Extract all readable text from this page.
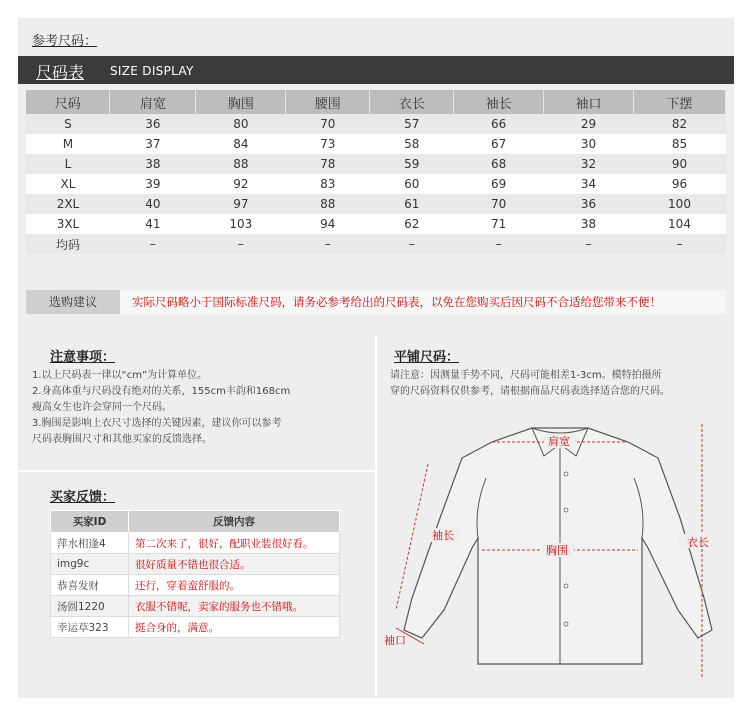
参考尺码：
尺码表 SIZE DISPLAY
尺码	肩宽	胸围	腰围	衣长	袖长	袖口	下摆
S	36	80	70	57	66	29	82
M	37	84	73	58	67	30	85
L	38	88	78	59	68	32	90
XL	39	92	83	60	69	34	96
2XL	40	97	88	61	70	36	100
3XL	41	103	94	62	71	38	104
均码	–	–	–	–	–	–	–
选购建议	实际尺码略小于国际标准尺码，请务必参考给出的尺码表，以免在您购买后因尺码不合适给您带来不便！
注意事项：
1.以上尺码表一律以“cm”为计算单位。
2.身高体重与尺码没有绝对的关系，155cm丰韵和168cm
瘦高女生也许会穿同一个尺码。
3.胸围是影响上衣尺寸选择的关键因素，建议你可以参考
尺码表胸围尺寸和其他买家的反馈选择。
买家反馈：
买家ID	反馈内容
萍水相逢4	第二次来了，很好，配职业装很好看。
img9c	很好质量不错也很合适。
恭喜发财	还行，穿着蛮舒服的。
汤圆1220	衣服不错呢，卖家的服务也不错哦。
幸运草323	挺合身的，满意。
平铺尺码：
请注意：因测量手势不同，尺码可能相差1-3cm。模特拍摄所
穿的尺码资料仅供参考，请根据商品尺码表选择适合您的尺码。
肩宽
胸围
袖长
衣长
袖口
